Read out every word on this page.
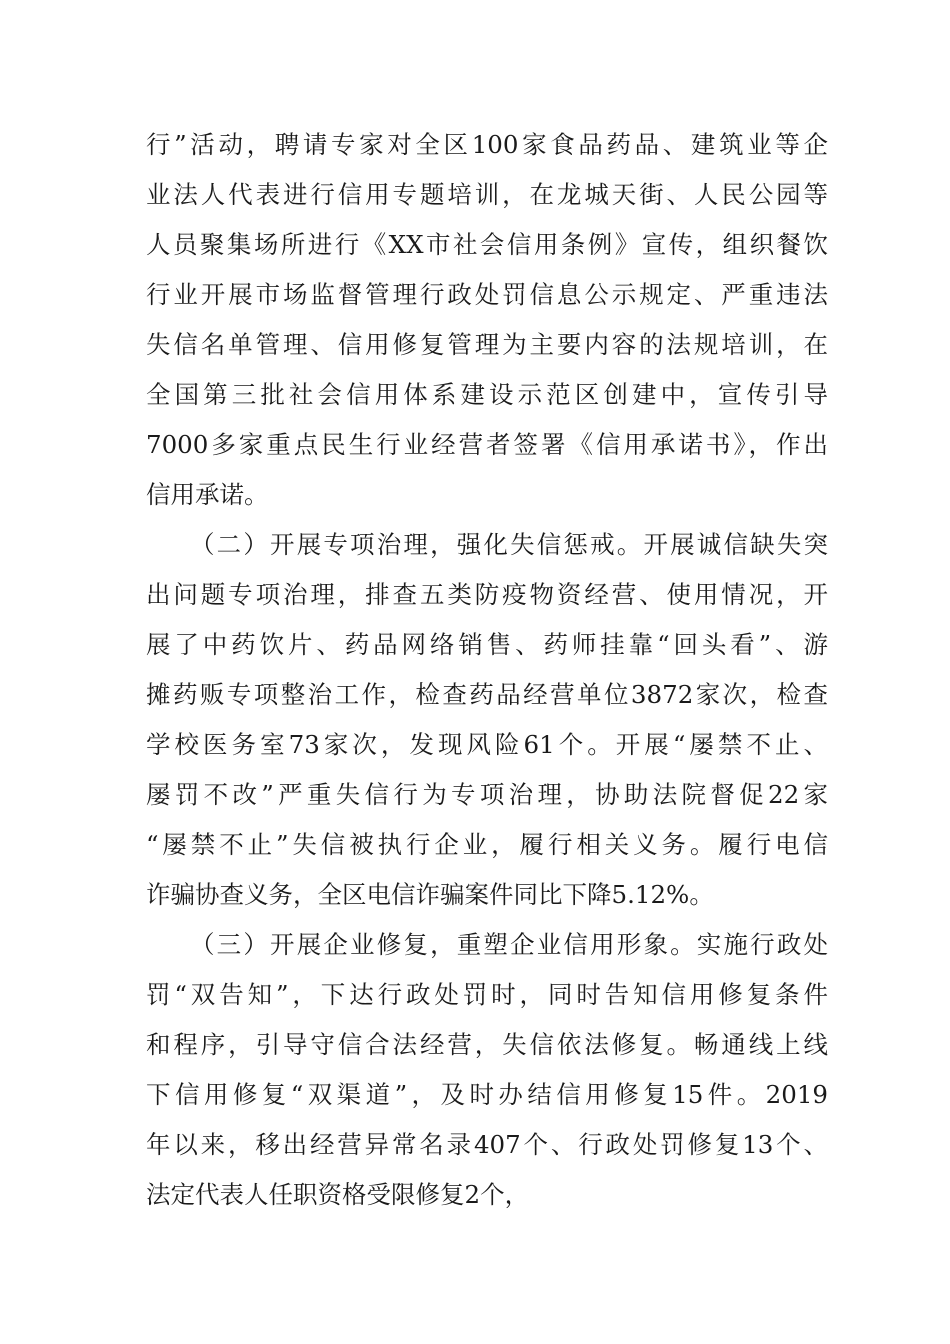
行”活动，聘请专家对全区100家食品药品、建筑业等企
业法人代表进行信用专题培训，在龙城天街、人民公园等
人员聚集场所进行《XX市社会信用条例》宣传，组织餐饮
行业开展市场监督管理行政处罚信息公示规定、严重违法
失信名单管理、信用修复管理为主要内容的法规培训，在
全国第三批社会信用体系建设示范区创建中，宣传引导
7000多家重点民生行业经营者签署《信用承诺书》，作出
信用承诺。
（二）开展专项治理，强化失信惩戒。开展诚信缺失突
出问题专项治理，排查五类防疫物资经营、使用情况，开
展了中药饮片、药品网络销售、药师挂靠“回头看”、游
摊药贩专项整治工作，检查药品经营单位3872家次，检查
学校医务室73家次，发现风险61个。开展“屡禁不止、
屡罚不改”严重失信行为专项治理，协助法院督促22家
“屡禁不止”失信被执行企业，履行相关义务。履行电信
诈骗协查义务，全区电信诈骗案件同比下降5.12%。
（三）开展企业修复，重塑企业信用形象。实施行政处
罚“双告知”，下达行政处罚时，同时告知信用修复条件
和程序，引导守信合法经营，失信依法修复。畅通线上线
下信用修复“双渠道”，及时办结信用修复15件。2019
年以来，移出经营异常名录407个、行政处罚修复13个、
法定代表人任职资格受限修复2个，
